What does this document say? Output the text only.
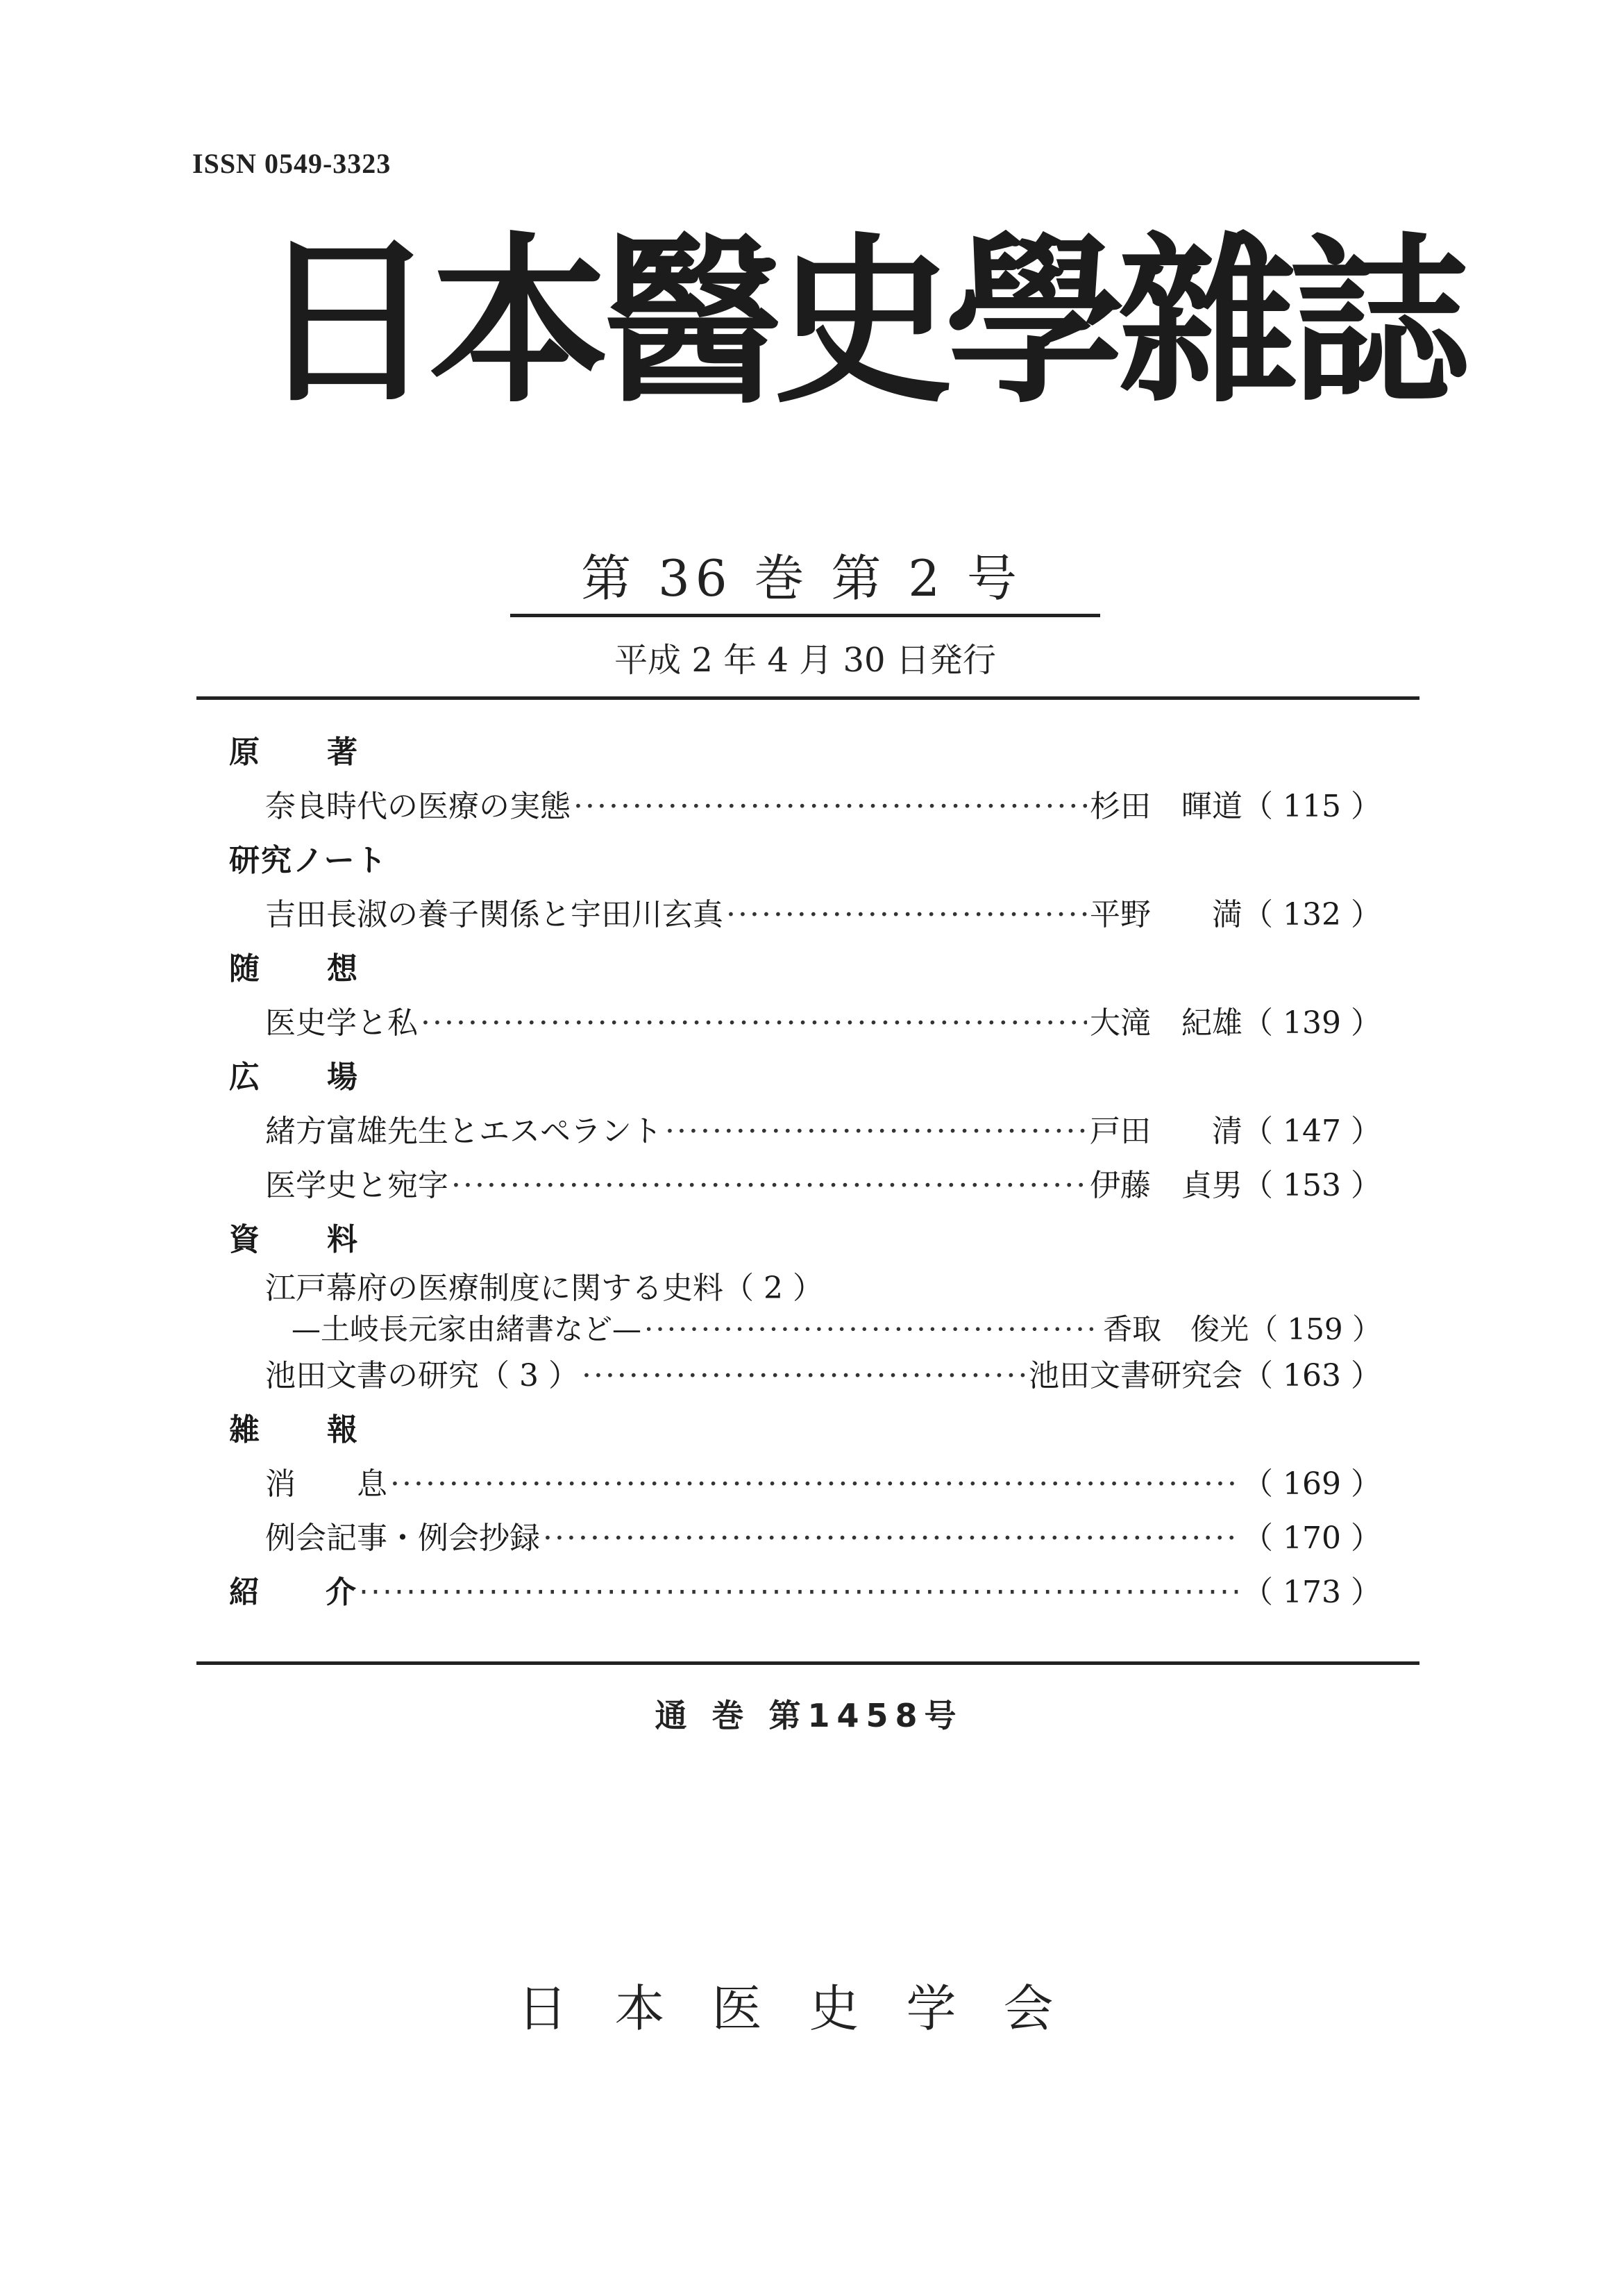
ISSN 0549-3323
日本醫史學雜誌
第 36 巻 第 2 号
平成 2 年 4 月 30 日発行
原 著
奈良時代の医療の実態 ·····	杉田　暉道 （ 115 ）
研究ノート
吉田長淑の養子関係と宇田川玄真 ·····	平野　　満 （ 132 ）
随 想
医史学と私 ·····	大滝　紀雄 （ 139 ）
広 場
緒方富雄先生とエスペラント ·····	戸田　　清 （ 147 ）
医学史と宛字 ·····	伊藤　貞男 （ 153 ）
資 料
江戸幕府の医療制度に関する史料（ 2 ）
—土岐長元家由緒書など— ·····	香取　俊光 （ 159 ）
池田文書の研究（ 3 ） ·····	池田文書研究会 （ 163 ）
雑 報
消　　息 ·····	（ 169 ）
例会記事・例会抄録 ·····	（ 170 ）
紹 介 ·····	（ 173 ）
通 巻 第1458号
日本医史学会
